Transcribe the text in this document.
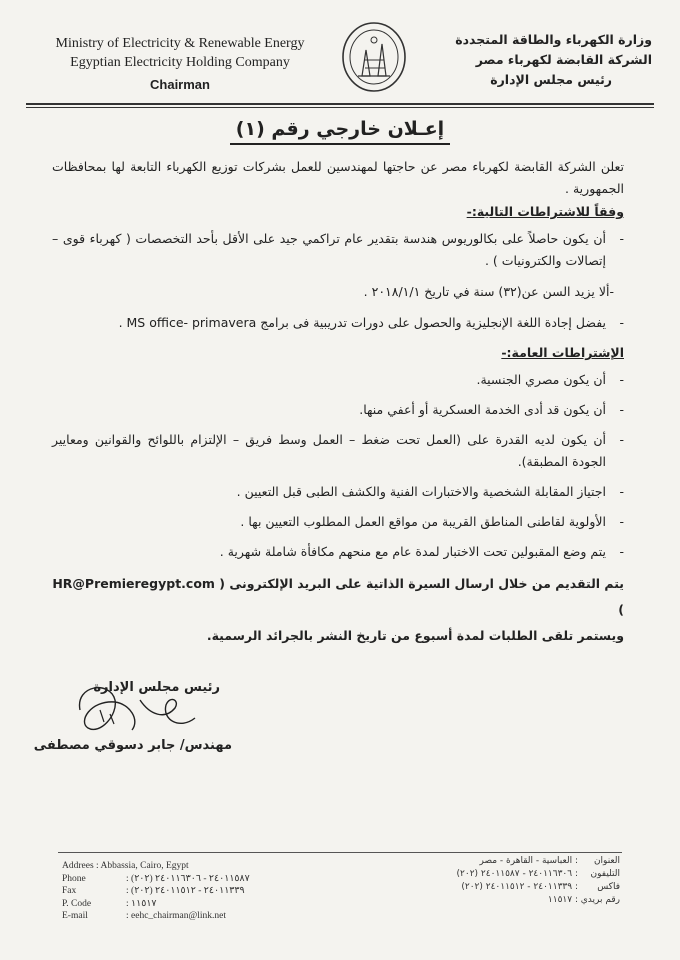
Ministry of Electricity & Renewable Energy
Egyptian Electricity Holding Company
Chairman
وزارة الكهرباء والطاقة المتجددة
الشركة القابضة لكهرباء مصر
رئيس مجلس الإدارة
إعـلان خارجي رقم (١)

تعلن الشركة القابضة لكهرباء مصر عن حاجتها لمهندسين للعمل بشركات توزيع الكهرباء التابعة لها بمحافظات الجمهورية .

وفقاً للاشتراطات التالية:-
-
أن يكون حاصلاً على بكالوريوس هندسة بتقدير عام تراكمي جيد على الأقل بأحد التخصصات ( كهرباء قوى – إتصالات والكترونيات ) .
-ألا يزيد السن عن(٣٢) سنة في تاريخ ٢٠١٨/١/١ .
-
يفضل إجادة اللغة الإنجليزية والحصول على دورات تدريبية فى برامج MS office- primavera .
الإشتراطات العامة:-
-
أن يكون مصري الجنسية.
-
أن يكون قد أدى الخدمة العسكرية أو أعفي منها.
-
أن يكون لديه القدرة على (العمل تحت ضغط – العمل وسط فريق – الإلتزام باللوائح والقوانين ومعايير الجودة المطبقة).
-
اجتياز المقابلة الشخصية والاختبارات الفنية والكشف الطبى قبل التعيين .
-
الأولوية لقاطنى المناطق القريبة من مواقع العمل المطلوب التعيين بها .
-
يتم وضع المقبولين تحت الاختبار لمدة عام مع منحهم مكافأة شاملة شهرية .
يتم التقديم من خلال ارسال السيرة الذاتية على البريد الإلكترونى ( HR@Premieregypt.com )
ويستمر تلقى الطلبات لمدة أسبوع من تاريخ النشر بالجرائد الرسمية.
رئيس مجلس الإدارة
مهندس/ جابر دسوقي مصطفى
Addrees : Abbassia, Cairo, Egypt
Phone	: ٢٤٠١١٥٨٧ - ٢٤٠١١٦٣٠٦ (٢٠٢)
Fax	: ٢٤٠١١٣٣٩ - ٢٤٠١١٥١٢ (٢٠٢)
P. Code	: ١١٥١٧
E-mail	: eehc_chairman@link.net
العنوان: العباسية - القاهرة - مصر
التليفون: ٢٤٠١١٦٣٠٦ - ٢٤٠١١٥٨٧ (٢٠٢)
فاكس: ٢٤٠١١٣٣٩ - ٢٤٠١١٥١٢ (٢٠٢)
رقم بريدي: ١١٥١٧
